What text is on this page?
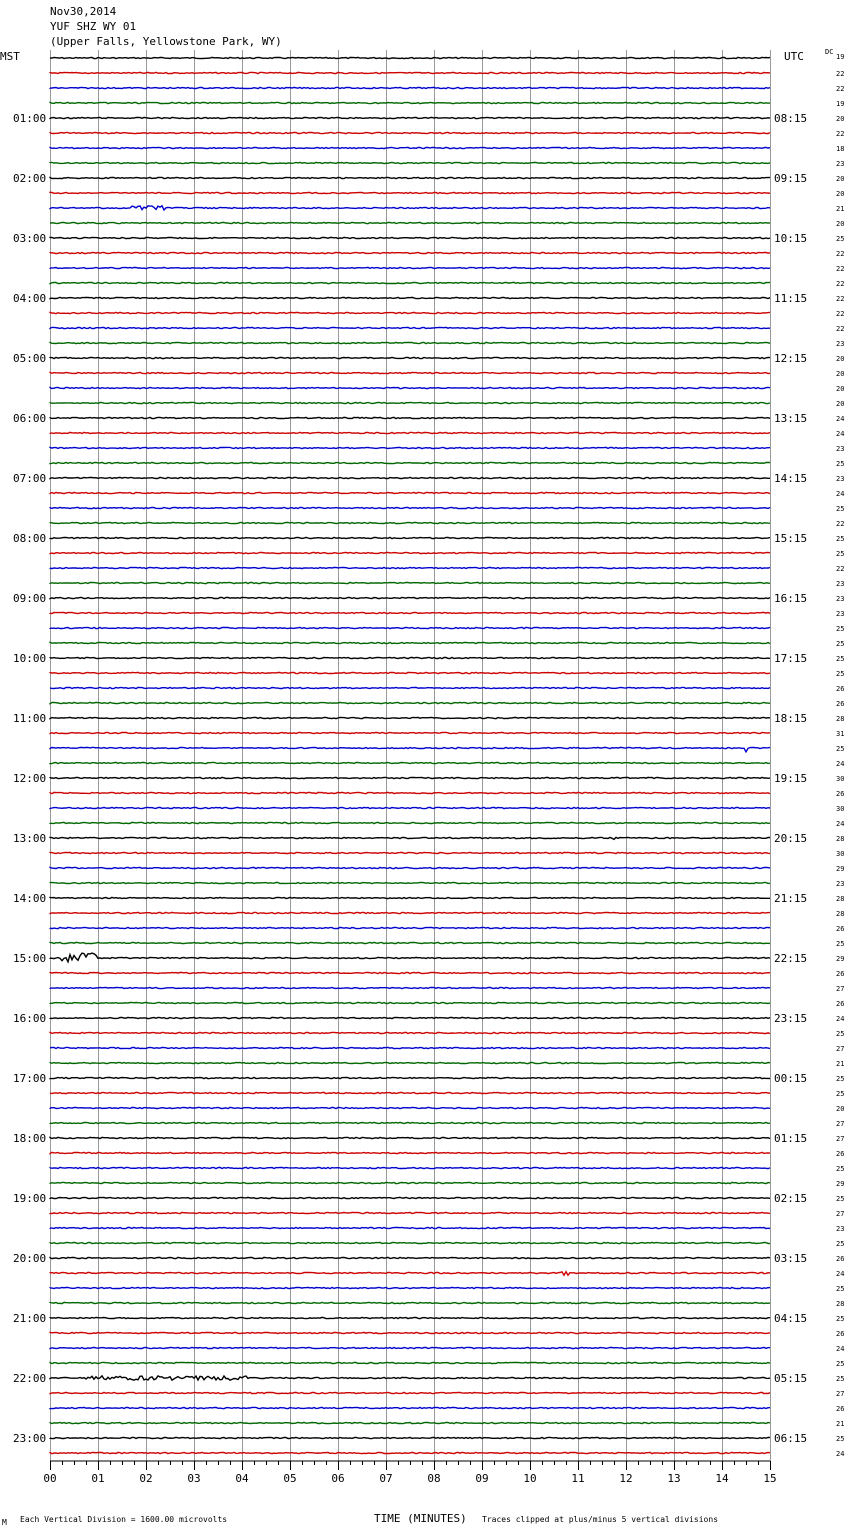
Nov30,2014
YUF SHZ WY 01
(Upper Falls, Yellowstone Park, WY)
MST	UTC	DC
19
22
22
19
20
22
18
23
20
20
21
20
25
22
22
22
22
22
22
23
20
20
20
20
24
24
23
25
23
24
25
22
25
25
22
23
23
23
25
25
25
25
26
26
28
31
25
24
30
26
30
24
28
30
29
23
28
28
26
25
29
26
27
26
24
25
27
21
25
25
20
27
27
26
25
29
25
27
23
25
26
24
25
28
25
26
24
25
25
27
26
21
25
24
01:00
02:00
03:00
04:00
05:00
06:00
07:00
08:00
09:00
10:00
11:00
12:00
13:00
14:00
15:00
16:00
17:00
18:00
19:00
20:00
21:00
22:00
23:00
08:15
09:15
10:15
11:15
12:15
13:15
14:15
15:15
16:15
17:15
18:15
19:15
20:15
21:15
22:15
23:15
00:15
01:15
02:15
03:15
04:15
05:15
06:15
00	01	02	03	04	05	06	07	08	09	10	11	12	13	14	15
M Each Vertical Division = 1600.00 microvolts	TIME (MINUTES) Traces clipped at plus/minus 5 vertical divisions
